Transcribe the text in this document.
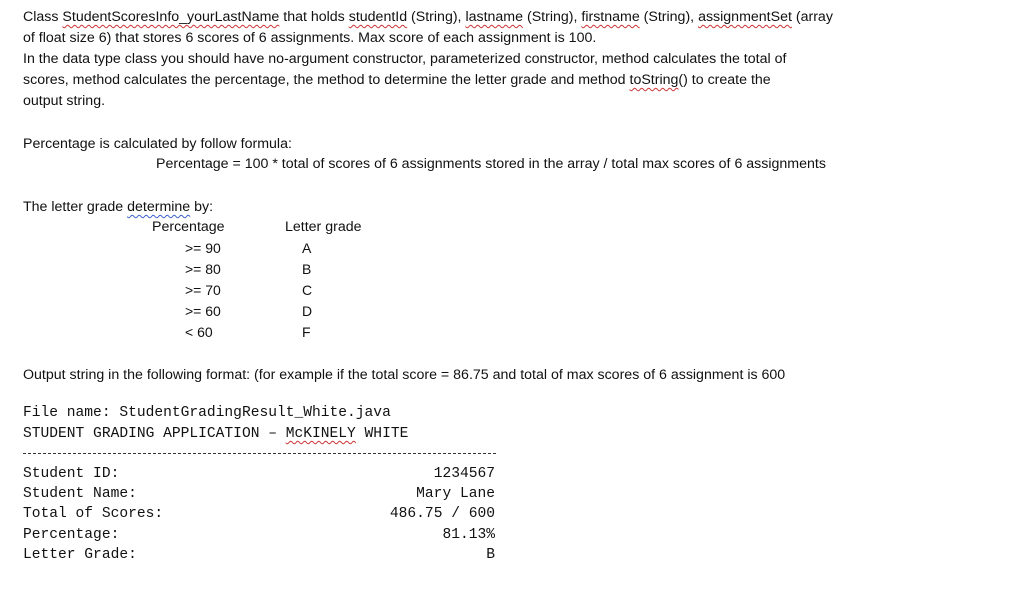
Class StudentScoresInfo_yourLastName that holds studentId (String), lastname (String), firstname (String), assignmentSet (array
of float size 6) that stores 6 scores of 6 assignments. Max score of each assignment is 100.
In the data type class you should have no-argument constructor, parameterized constructor, method calculates the total of
scores, method calculates the percentage, the method to determine the letter grade and method toString() to create the
output string.
Percentage is calculated by follow formula:
Percentage = 100 * total of scores of 6 assignments stored in the array / total max scores of 6 assignments
The letter grade determine by:
Percentage	Letter grade
>= 90	A
>= 80	B
>= 70	C
>= 60	D
< 60	F
Output string in the following format: (for example if the total score = 86.75 and total of max scores of 6 assignment is 600
File name: StudentGradingResult_White.java
STUDENT GRADING APPLICATION – McKINELY WHITE
Student ID:	1234567
Student Name:	Mary Lane
Total of Scores:	486.75 / 600
Percentage:	81.13%
Letter Grade:	B
